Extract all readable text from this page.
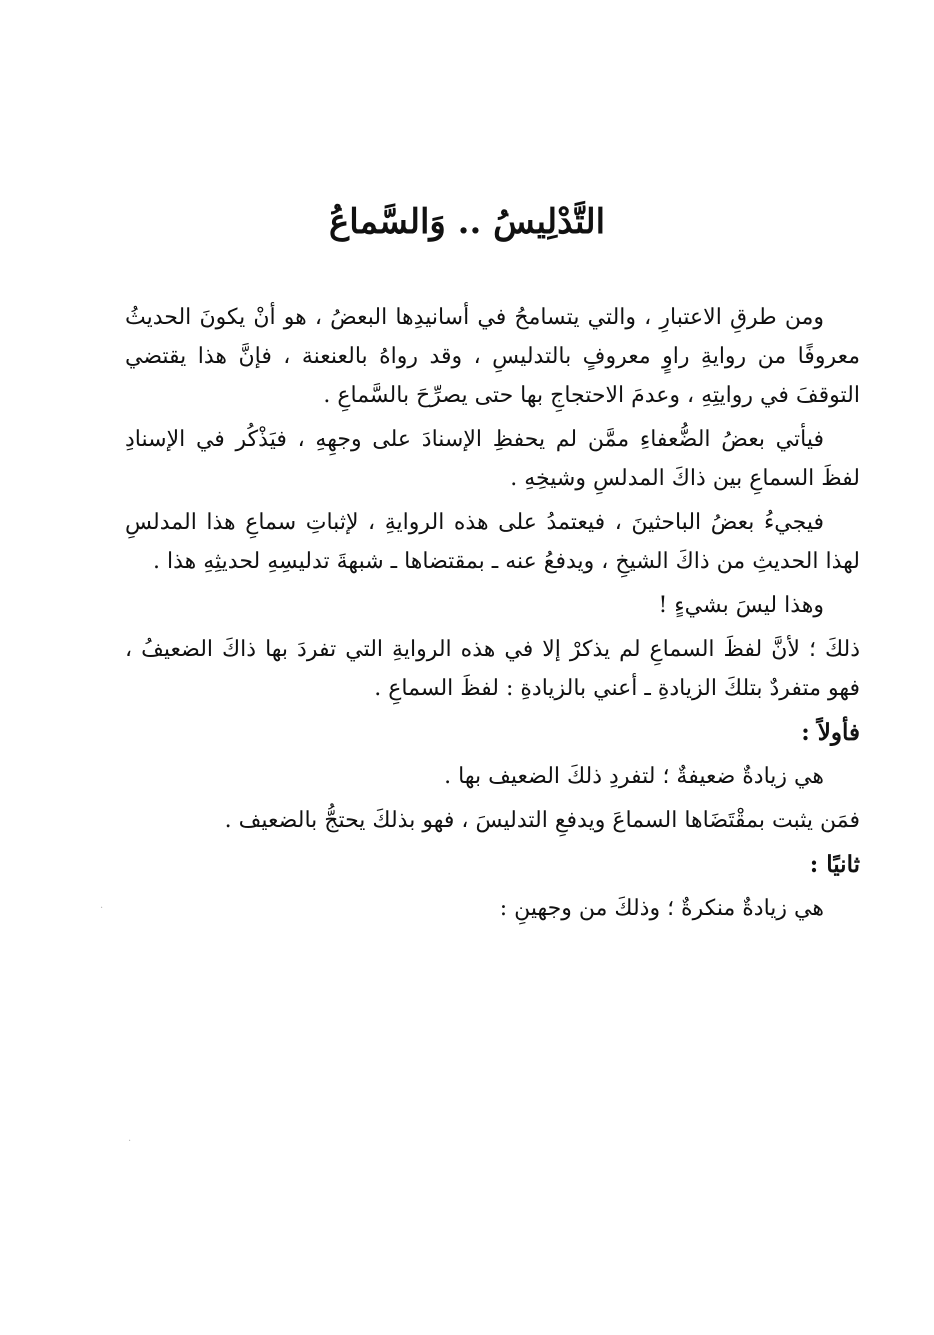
التَّدْلِيسُ .. وَالسَّماعُ

ومن طرقِ الاعتبارِ ، والتي يتسامحُ في أسانيدِها البعضُ ، هو أنْ يكونَ الحديثُ معروفًا من روايةِ راوٍ معروفٍ بالتدليسِ ، وقد رواهُ بالعنعنة ، فإنَّ هذا يقتضي التوقفَ في روايتِهِ ، وعدمَ الاحتجاجِ بها حتى يصرِّحَ بالسَّماعِ .

فيأتي بعضُ الضُّعفاءِ ممَّن لم يحفظِ الإسنادَ على وجهِهِ ، فيَذْكُر في الإسنادِ لفظَ السماعِ بين ذاكَ المدلسِ وشيخِهِ .

فيجيءُ بعضُ الباحثينَ ، فيعتمدُ على هذه الروايةِ ، لإثباتِ سماعِ هذا المدلسِ لهذا الحديثِ من ذاكَ الشيخِ ، ويدفعُ عنه ـ بمقتضاها ـ شبهةَ تدليسِهِ لحديثِهِ هذا .

وهذا ليسَ بشيءٍ !

ذلكَ ؛ لأنَّ لفظَ السماعِ لم يذكرْ إلا في هذه الروايةِ التي تفردَ بها ذاكَ الضعيفُ ، فهو متفردٌ بتلكَ الزيادةِ ـ أعني بالزيادةِ : لفظَ السماعِ .

فأولاً :

هي زيادةٌ ضعيفةٌ ؛ لتفردِ ذلكَ الضعيف بها .

فمَن يثبت بمقْتَضَاها السماعَ ويدفعِ التدليسَ ، فهو بذلكَ يحتجُّ بالضعيف .

ثانيًا :

هي زيادةٌ منكرةٌ ؛ وذلكَ من وجهينِ :

·
·
